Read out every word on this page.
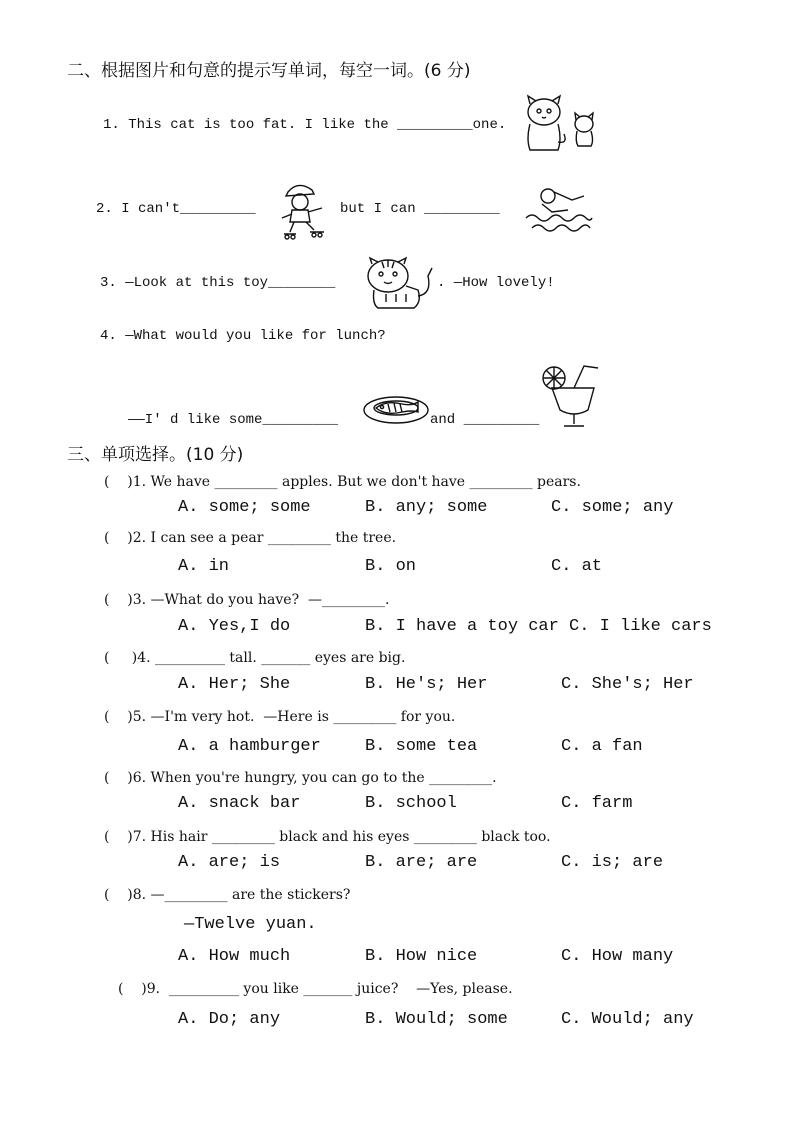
二、根据图片和句意的提示写单词，每空一词。(6 分)
1. This cat is too fat. I like the _________one.
2. I can't_________	but I can _________
3. —Look at this toy________	. —How lovely!
4. —What would you like for lunch?
——I' d like some_________	and _________
三、单项选择。(10 分)
(    )1. We have _________ apples. But we don't have _________ pears.
A. some; some	B. any; some	C. some; any
(    )2. I can see a pear _________ the tree.
A. in	B. on	C. at
(    )3. —What do you have?  —_________.
A. Yes,I do	B. I have a toy car C. I like cars
(     )4. __________ tall. _______ eyes are big.
A. Her; She	B. He's; Her	C. She's; Her
(    )5. —I'm very hot.  —Here is _________ for you.
A. a hamburger	B. some tea	C. a fan
(    )6. When you're hungry, you can go to the _________.
A. snack bar	B. school	C. farm
(    )7. His hair _________ black and his eyes _________ black too.
A. are; is	B. are; are	C. is; are
(    )8. —_________ are the stickers?
—Twelve yuan.
A. How much	B. How nice	C. How many
(    )9.  __________ you like _______ juice?    —Yes, please.
A. Do; any	B. Would; some	C. Would; any
